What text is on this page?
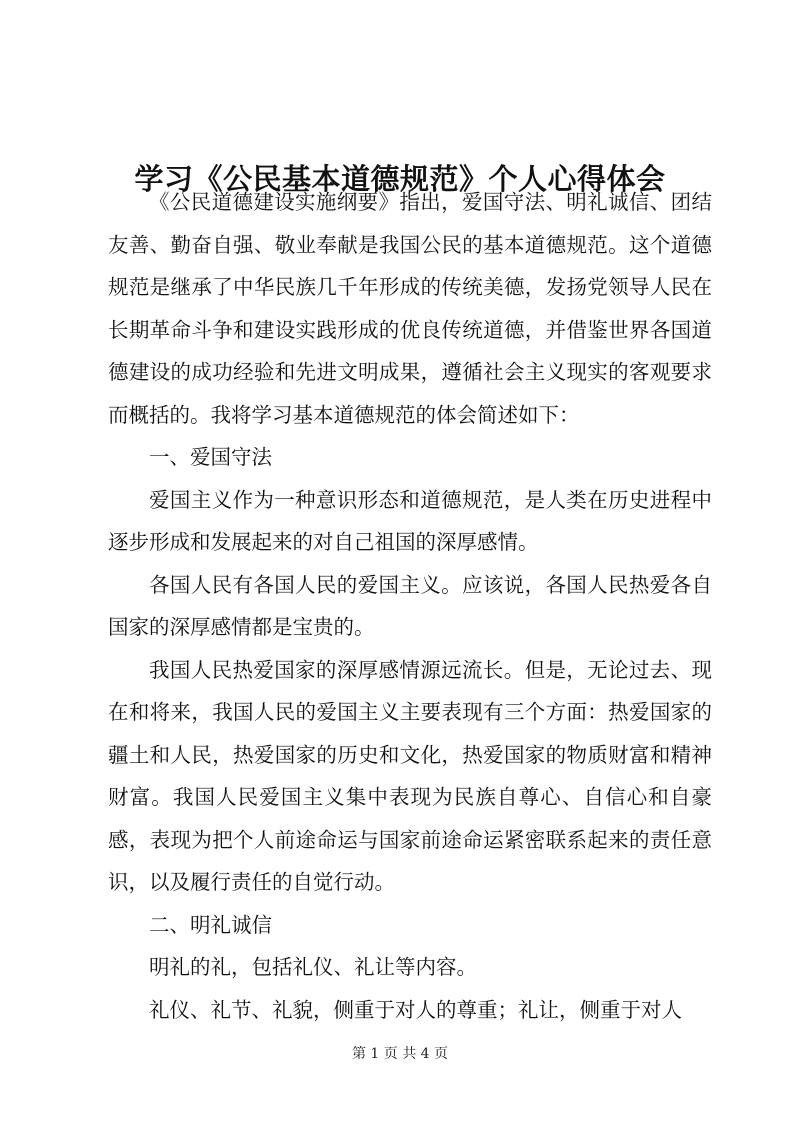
学习《公民基本道德规范》个人心得体会

《公民道德建设实施纲要》指出，爱国守法、明礼诚信、团结友善、勤奋自强、敬业奉献是我国公民的基本道德规范。这个道德规范是继承了中华民族几千年形成的传统美德，发扬党领导人民在长期革命斗争和建设实践形成的优良传统道德，并借鉴世界各国道德建设的成功经验和先进文明成果，遵循社会主义现实的客观要求而概括的。我将学习基本道德规范的体会简述如下：

一、爱国守法

爱国主义作为一种意识形态和道德规范，是人类在历史进程中逐步形成和发展起来的对自己祖国的深厚感情。

各国人民有各国人民的爱国主义。应该说，各国人民热爱各自国家的深厚感情都是宝贵的。

我国人民热爱国家的深厚感情源远流长。但是，无论过去、现在和将来，我国人民的爱国主义主要表现有三个方面：热爱国家的疆土和人民，热爱国家的历史和文化，热爱国家的物质财富和精神财富。我国人民爱国主义集中表现为民族自尊心、自信心和自豪感，表现为把个人前途命运与国家前途命运紧密联系起来的责任意识，以及履行责任的自觉行动。

二、明礼诚信

明礼的礼，包括礼仪、礼让等内容。

礼仪、礼节、礼貌，侧重于对人的尊重；礼让，侧重于对人

第 1 页 共 4 页
